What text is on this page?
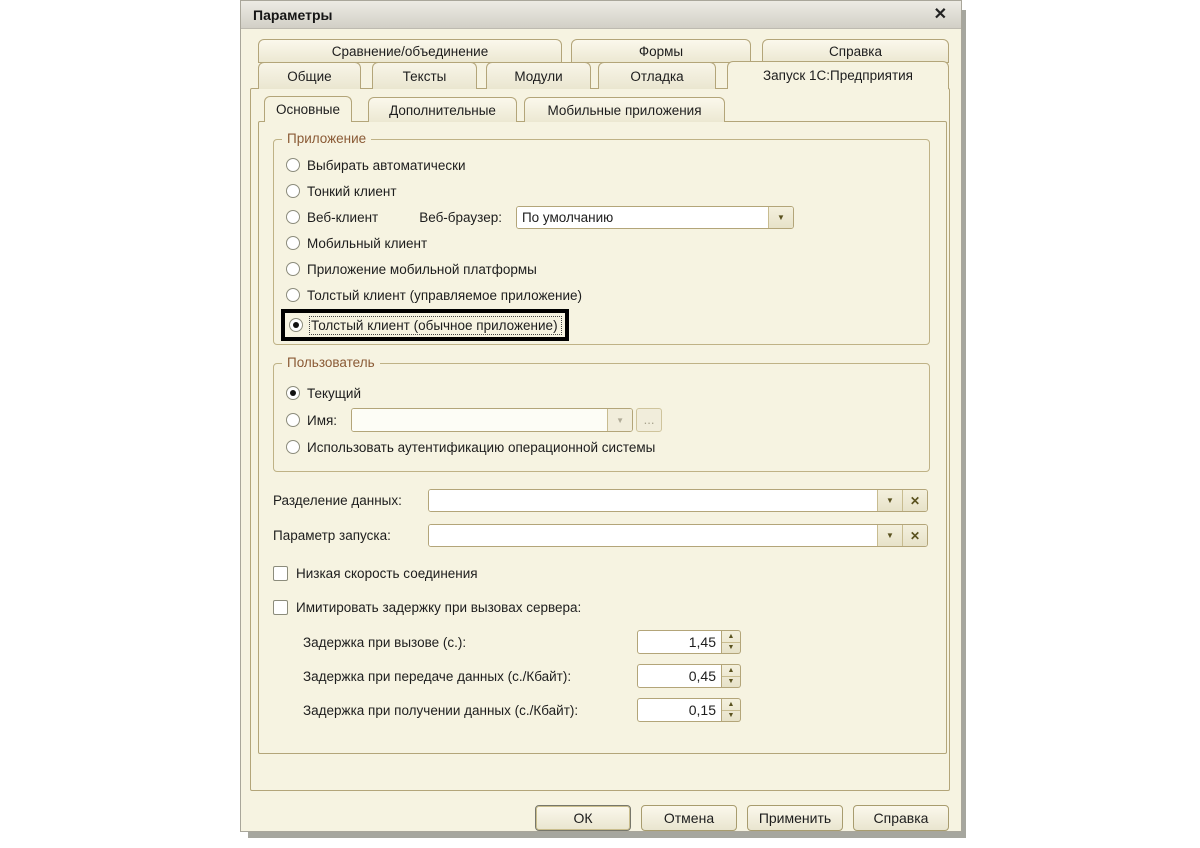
Параметры	✕
Сравнение/объединение	Формы	Справка
Общие	Тексты	Модули	Отладка	Запуск 1С:Предприятия
Основные	Дополнительные	Мобильные приложения
Приложение
Выбирать автоматически
Тонкий клиент
Веб-клиент	Веб-браузер:	По умолчанию	▼
Мобильный клиент
Приложение мобильной платформы
Толстый клиент (управляемое приложение)
Толстый клиент (обычное приложение)
Пользователь
Текущий
Имя:	▼	...
Использовать аутентификацию операционной системы
Разделение данных:	▼ ✕
Параметр запуска:	▼ ✕
Низкая скорость соединения
Имитировать задержку при вызовах сервера:
Задержка при вызове (с.):	1,45	▲
▼
Задержка при передаче данных (с./Кбайт):	0,45	▲
▼
Задержка при получении данных (с./Кбайт):	0,15	▲
▼
ОК	Отмена	Применить	Справка
